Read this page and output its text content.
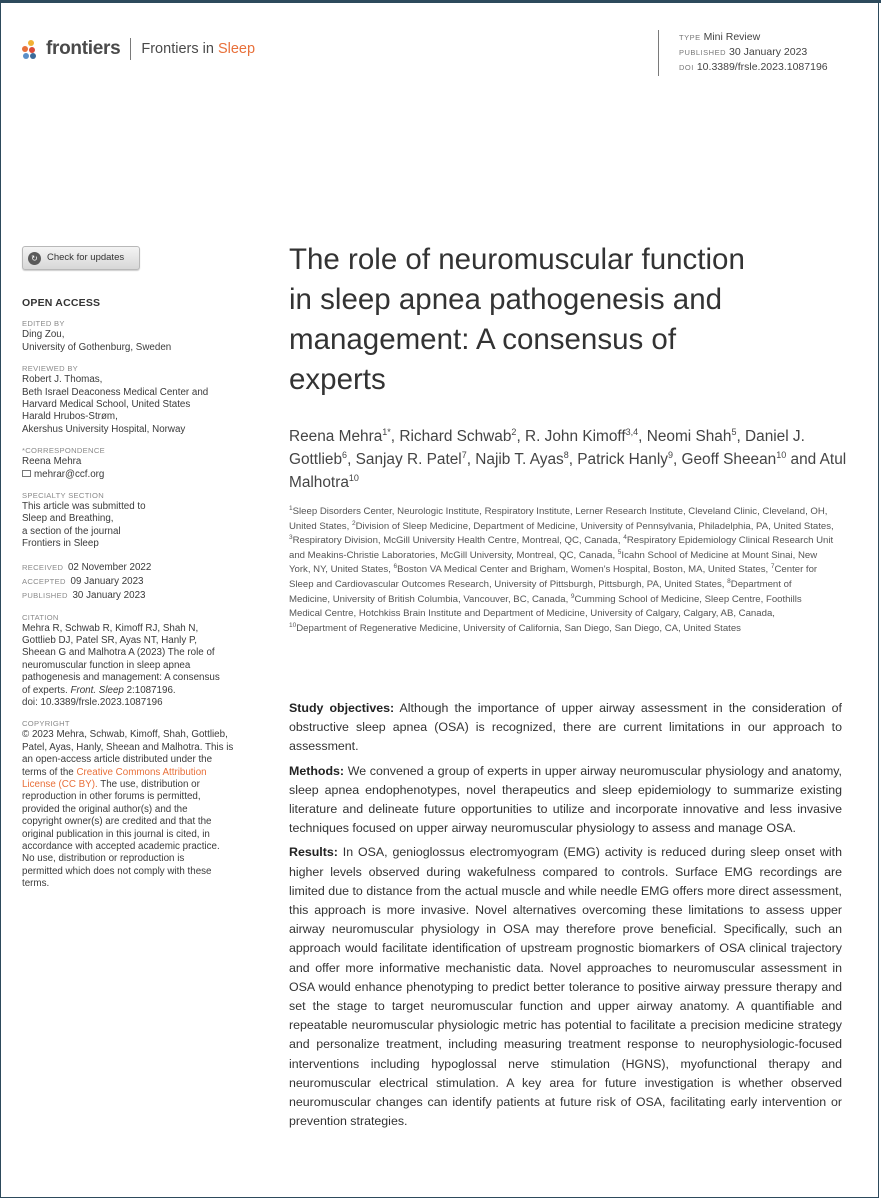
frontiers Frontiers in Sleep
TYPE Mini Review
PUBLISHED 30 January 2023
DOI 10.3389/frsle.2023.1087196
↻ Check for updates
OPEN ACCESS
EDITED BY
Ding Zou,
University of Gothenburg, Sweden
REVIEWED BY
Robert J. Thomas,
Beth Israel Deaconess Medical Center and
Harvard Medical School, United States
Harald Hrubos-Strøm,
Akershus University Hospital, Norway
*CORRESPONDENCE
Reena Mehra
mehrar@ccf.org
SPECIALTY SECTION
This article was submitted to
Sleep and Breathing,
a section of the journal
Frontiers in Sleep
RECEIVED 02 November 2022
ACCEPTED 09 January 2023
PUBLISHED 30 January 2023
CITATION
Mehra R, Schwab R, Kimoff RJ, Shah N,
Gottlieb DJ, Patel SR, Ayas NT, Hanly P,
Sheean G and Malhotra A (2023) The role of
neuromuscular function in sleep apnea
pathogenesis and management: A consensus
of experts. Front. Sleep 2:1087196.
doi: 10.3389/frsle.2023.1087196
COPYRIGHT
© 2023 Mehra, Schwab, Kimoff, Shah, Gottlieb,
Patel, Ayas, Hanly, Sheean and Malhotra. This is
an open-access article distributed under the
terms of the Creative Commons Attribution
License (CC BY). The use, distribution or
reproduction in other forums is permitted,
provided the original author(s) and the
copyright owner(s) are credited and that the
original publication in this journal is cited, in
accordance with accepted academic practice.
No use, distribution or reproduction is
permitted which does not comply with these
terms.
The role of neuromuscular function
in sleep apnea pathogenesis and
management: A consensus of
experts
Reena Mehra$^{1*}$, Richard Schwab$^2$, R. John Kimoff$^{3,4}$, Neomi Shah$^5$, Daniel J. Gottlieb$^6$, Sanjay R. Patel$^7$, Najib T. Ayas$^8$, Patrick Hanly$^9$, Geoff Sheean$^{10}$ and Atul Malhotra$^{10}$
$^1$Sleep Disorders Center, Neurologic Institute, Respiratory Institute, Lerner Research Institute, Cleveland Clinic, Cleveland, OH, United States, $^2$Division of Sleep Medicine, Department of Medicine, University of Pennsylvania, Philadelphia, PA, United States, $^3$Respiratory Division, McGill University Health Centre, Montreal, QC, Canada, $^4$Respiratory Epidemiology Clinical Research Unit and Meakins-Christie Laboratories, McGill University, Montreal, QC, Canada, $^5$Icahn School of Medicine at Mount Sinai, New York, NY, United States, $^6$Boston VA Medical Center and Brigham, Women's Hospital, Boston, MA, United States, $^7$Center for Sleep and Cardiovascular Outcomes Research, University of Pittsburgh, Pittsburgh, PA, United States, $^8$Department of Medicine, University of British Columbia, Vancouver, BC, Canada, $^9$Cumming School of Medicine, Sleep Centre, Foothills Medical Centre, Hotchkiss Brain Institute and Department of Medicine, University of Calgary, Calgary, AB, Canada, $^{10}$Department of Regenerative Medicine, University of California, San Diego, San Diego, CA, United States

Study objectives: Although the importance of upper airway assessment in the consideration of obstructive sleep apnea (OSA) is recognized, there are current limitations in our approach to assessment.

Methods: We convened a group of experts in upper airway neuromuscular physiology and anatomy, sleep apnea endophenotypes, novel therapeutics and sleep epidemiology to summarize existing literature and delineate future opportunities to utilize and incorporate innovative and less invasive techniques focused on upper airway neuromuscular physiology to assess and manage OSA.

Results: In OSA, genioglossus electromyogram (EMG) activity is reduced during sleep onset with higher levels observed during wakefulness compared to controls. Surface EMG recordings are limited due to distance from the actual muscle and while needle EMG offers more direct assessment, this approach is more invasive. Novel alternatives overcoming these limitations to assess upper airway neuromuscular physiology in OSA may therefore prove beneficial. Specifically, such an approach would facilitate identification of upstream prognostic biomarkers of OSA clinical trajectory and offer more informative mechanistic data. Novel approaches to neuromuscular assessment in OSA would enhance phenotyping to predict better tolerance to positive airway pressure therapy and set the stage to target neuromuscular function and upper airway anatomy. A quantifiable and repeatable neuromuscular physiologic metric has potential to facilitate a precision medicine strategy and personalize treatment, including measuring treatment response to neurophysiologic-focused interventions including hypoglossal nerve stimulation (HGNS), myofunctional therapy and neuromuscular electrical stimulation. A key area for future investigation is whether observed neuromuscular changes can identify patients at future risk of OSA, facilitating early intervention or prevention strategies.
